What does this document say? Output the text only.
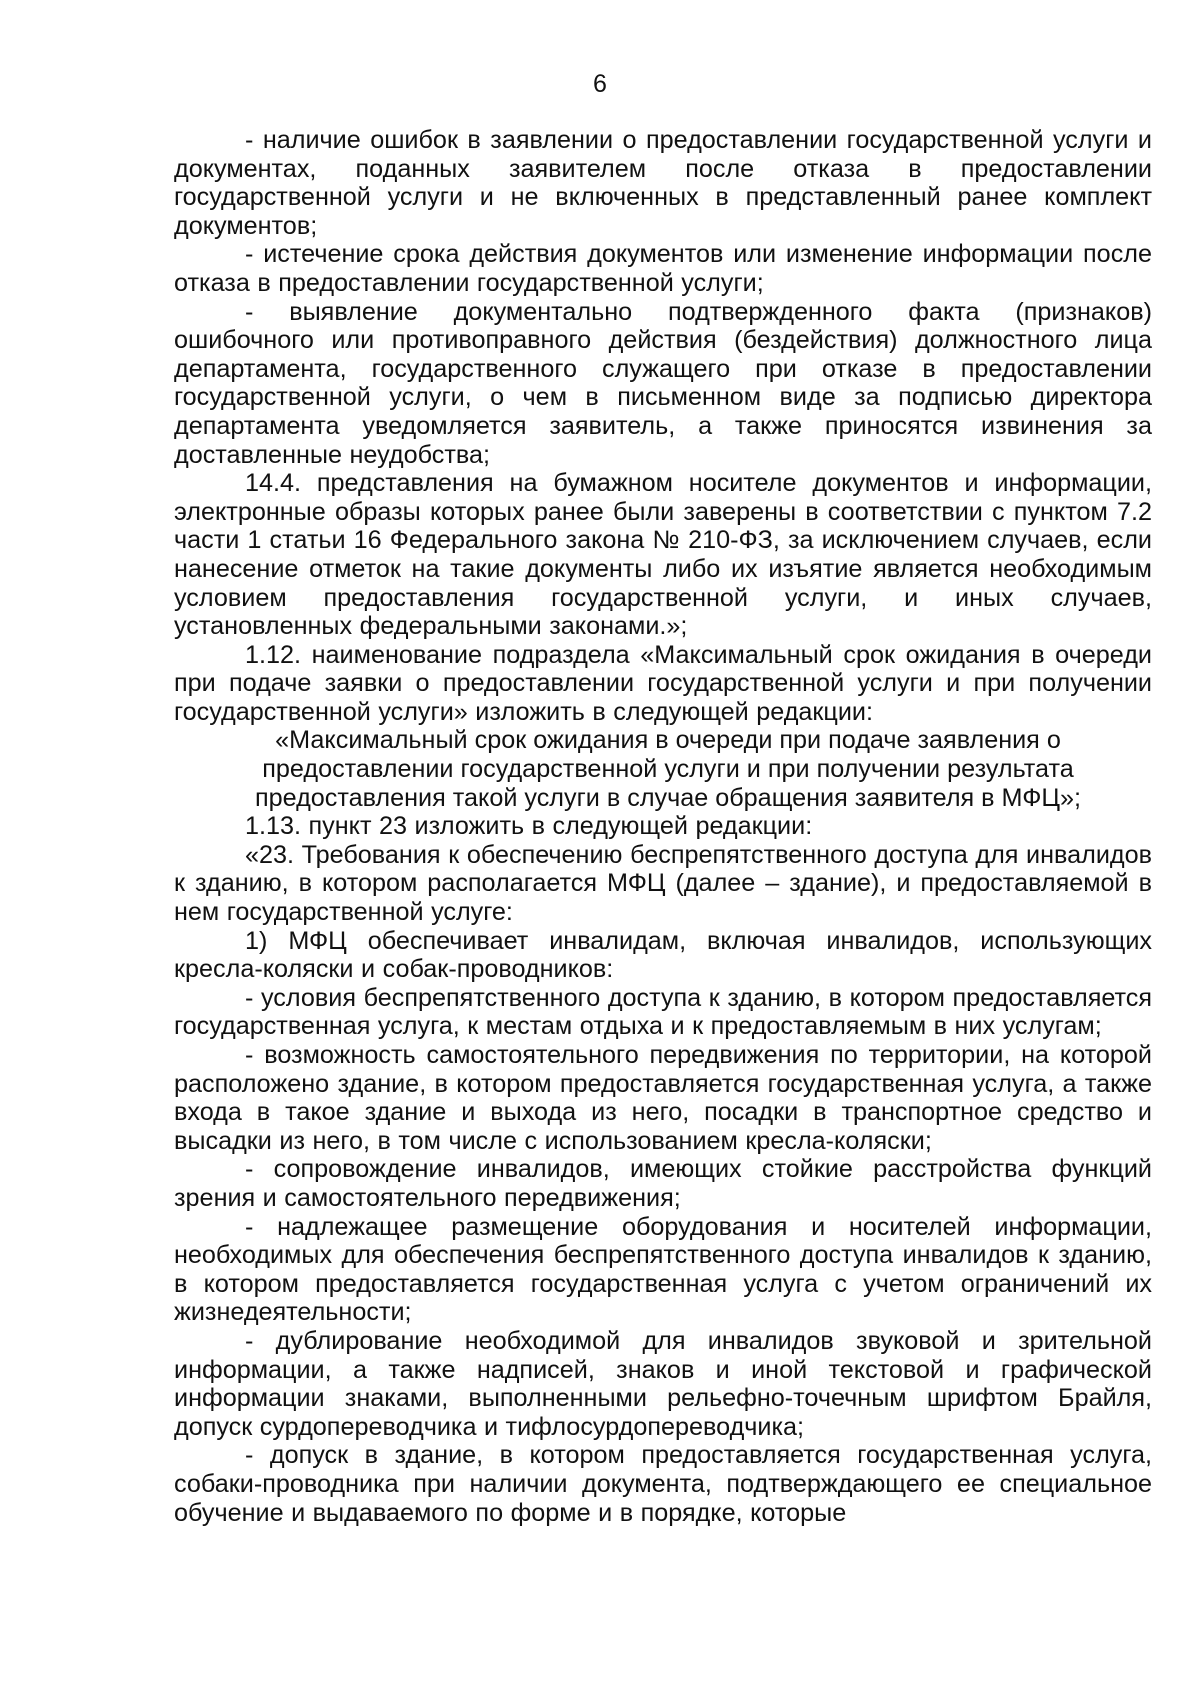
6

- наличие ошибок в заявлении о предоставлении государственной услуги и документах, поданных заявителем после отказа в предоставлении государственной услуги и не включенных в представленный ранее комплект документов;

- истечение срока действия документов или изменение информации после отказа в предоставлении государственной услуги;

- выявление документально подтвержденного факта (признаков) ошибочного или противоправного действия (бездействия) должностного лица департамента, государственного служащего при отказе в предоставлении государственной услуги, о чем в письменном виде за подписью директора департамента уведомляется заявитель, а также приносятся извинения за доставленные неудобства;

14.4. представления на бумажном носителе документов и информации, электронные образы которых ранее были заверены в соответствии с пунктом 7.2 части 1 статьи 16 Федерального закона № 210-ФЗ, за исключением случаев, если нанесение отметок на такие документы либо их изъятие является необходимым условием предоставления государственной услуги, и иных случаев, установленных федеральными законами.»;

1.12. наименование подраздела «Максимальный срок ожидания в очереди при подаче заявки о предоставлении государственной услуги и при получении государственной услуги» изложить в следующей редакции:

«Максимальный срок ожидания в очереди при подаче заявления о

предоставлении государственной услуги и при получении результата

предоставления такой услуги в случае обращения заявителя в МФЦ»;

1.13. пункт 23 изложить в следующей редакции:

«23. Требования к обеспечению беспрепятственного доступа для инвалидов к зданию, в котором располагается МФЦ (далее – здание), и предоставляемой в нем государственной услуге:

1) МФЦ обеспечивает инвалидам, включая инвалидов, использующих кресла-коляски и собак-проводников:

- условия беспрепятственного доступа к зданию, в котором предоставляется государственная услуга, к местам отдыха и к предоставляемым в них услугам;

- возможность самостоятельного передвижения по территории, на которой расположено здание, в котором предоставляется государственная услуга, а также входа в такое здание и выхода из него, посадки в транспортное средство и высадки из него, в том числе с использованием кресла-коляски;

- сопровождение инвалидов, имеющих стойкие расстройства функций зрения и самостоятельного передвижения;

- надлежащее размещение оборудования и носителей информации, необходимых для обеспечения беспрепятственного доступа инвалидов к зданию, в котором предоставляется государственная услуга с учетом ограничений их жизнедеятельности;

- дублирование необходимой для инвалидов звуковой и зрительной информации, а также надписей, знаков и иной текстовой и графической информации знаками, выполненными рельефно-точечным шрифтом Брайля, допуск сурдопереводчика и тифлосурдопереводчика;

- допуск в здание, в котором предоставляется государственная услуга, собаки-проводника при наличии документа, подтверждающего ее специальное обучение и выдаваемого по форме и в порядке, которые
